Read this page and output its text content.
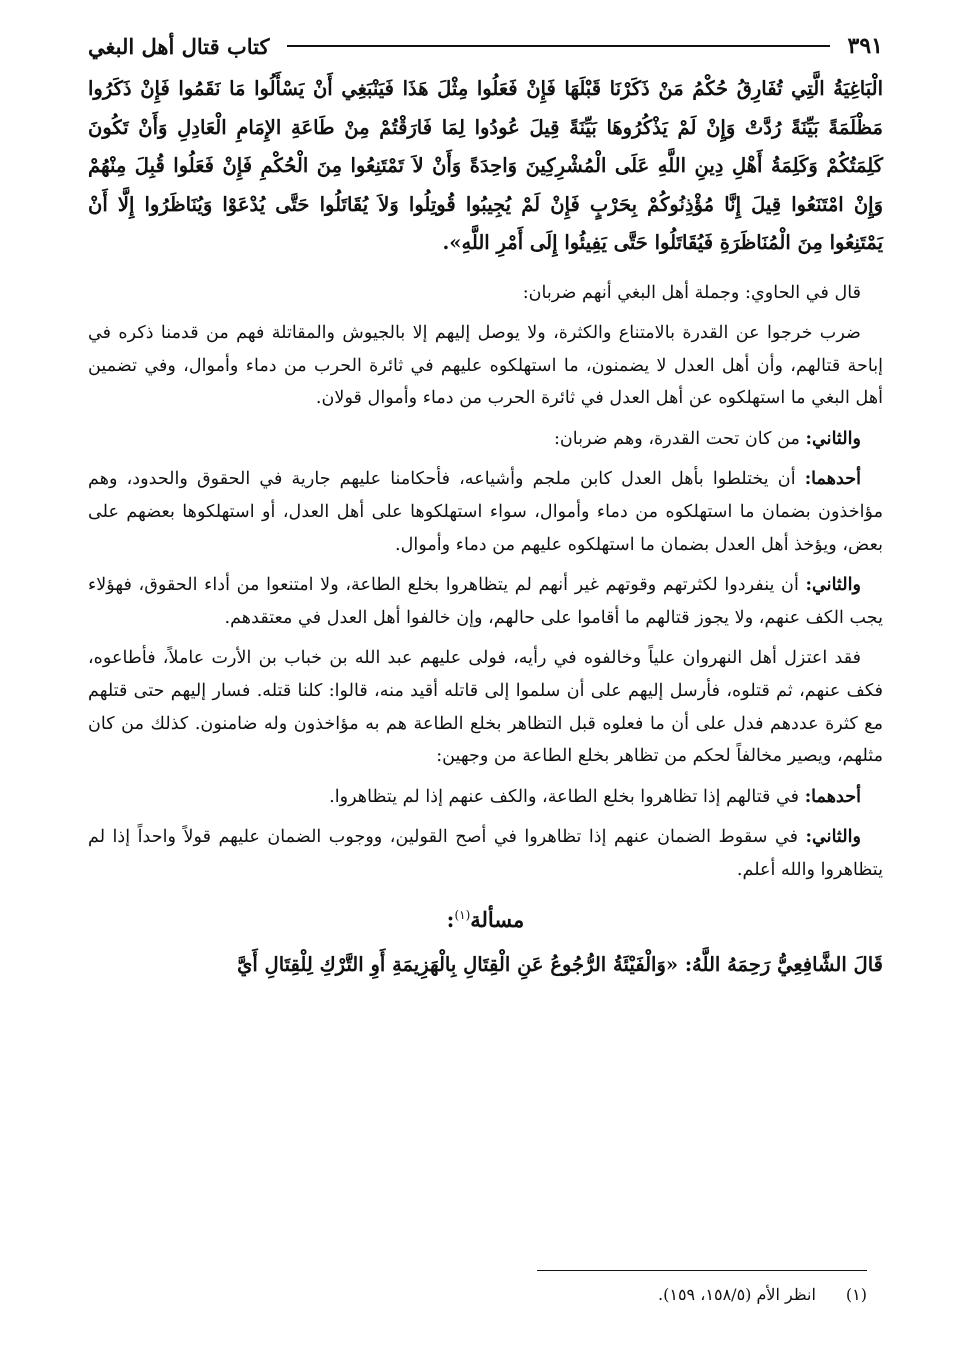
٣٩١
كتاب قتال أهل البغي

الْبَاغِيَةُ الَّتِي تُفَارِقُ حُكْمُ مَنْ ذَكَرْنَا قَبْلَهَا فَإِنْ فَعَلُوا مِثْلَ هَذَا فَيَنْبَغِي أَنْ يَسْأَلُوا مَا نَقَمُوا فَإِنْ ذَكَرُوا مَظْلَمَةً بَيِّنَةً رُدَّتْ وَإِنْ لَمْ يَذْكُرُوهَا بَيِّنَةً قِيلَ عُودُوا لِمَا فَارَقْتُمْ مِنْ طَاعَةِ الإِمَامِ الْعَادِلِ وَأَنْ تَكُونَ كَلِمَتُكُمْ وَكَلِمَةُ أَهْلِ دِينِ اللَّهِ عَلَى الْمُشْرِكِينَ وَاحِدَةً وَأَنْ لاَ تَمْتَنِعُوا مِنَ الْحُكْمِ فَإِنْ فَعَلُوا قُبِلَ مِنْهُمْ وَإِنْ امْتَنَعُوا قِيلَ إِنَّا مُؤْذِنُوكُمْ بِحَرْبٍ فَإِنْ لَمْ يُجِيبُوا قُوتِلُوا وَلاَ يُقَاتَلُوا حَتَّى يُدْعَوْا وَيُنَاظَرُوا إِلَّا أَنْ يَمْتَنِعُوا مِنَ الْمُنَاظَرَةِ فَيُقَاتَلُوا حَتَّى يَفِيئُوا إِلَى أَمْرِ اللَّهِ».

قال في الحاوي: وجملة أهل البغي أنهم ضربان:

ضرب خرجوا عن القدرة بالامتناع والكثرة، ولا يوصل إليهم إلا بالجيوش والمقاتلة فهم من قدمنا ذكره في إباحة قتالهم، وأن أهل العدل لا يضمنون، ما استهلكوه عليهم في ثائرة الحرب من دماء وأموال، وفي تضمين أهل البغي ما استهلكوه عن أهل العدل في ثائرة الحرب من دماء وأموال قولان.

والثاني: من كان تحت القدرة، وهم ضربان:

أحدهما: أن يختلطوا بأهل العدل كابن ملجم وأشياعه، فأحكامنا عليهم جارية في الحقوق والحدود، وهم مؤاخذون بضمان ما استهلكوه من دماء وأموال، سواء استهلكوها على أهل العدل، أو استهلكوها بعضهم على بعض، ويؤخذ أهل العدل بضمان ما استهلكوه عليهم من دماء وأموال.

والثاني: أن ينفردوا لكثرتهم وقوتهم غير أنهم لم يتظاهروا بخلع الطاعة، ولا امتنعوا من أداء الحقوق، فهؤلاء يجب الكف عنهم، ولا يجوز قتالهم ما أقاموا على حالهم، وإن خالفوا أهل العدل في معتقدهم.

فقد اعتزل أهل النهروان علياً وخالفوه في رأيه، فولى عليهم عبد الله بن خباب بن الأرت عاملاً، فأطاعوه، فكف عنهم، ثم قتلوه، فأرسل إليهم على أن سلموا إلى قاتله أقيد منه، قالوا: كلنا قتله. فسار إليهم حتى قتلهم مع كثرة عددهم فدل على أن ما فعلوه قبل التظاهر بخلع الطاعة هم به مؤاخذون وله ضامنون. كذلك من كان مثلهم، ويصير مخالفاً لحكم من تظاهر بخلع الطاعة من وجهين:

أحدهما: في قتالهم إذا تظاهروا بخلع الطاعة، والكف عنهم إذا لم يتظاهروا.

والثاني: في سقوط الضمان عنهم إذا تظاهروا في أصح القولين، ووجوب الضمان عليهم قولاً واحداً إذا لم يتظاهروا والله أعلم.

مسألة$^{(١)}$:

قَالَ الشَّافِعِيُّ رَحِمَهُ اللَّهُ: «وَالْفَيْئَةُ الرُّجُوعُ عَنِ الْقِتَالِ بِالْهَزِيمَةِ أَوِ التَّرْكِ لِلْقِتَالِ أَيَّ

(١)انظر الأم (١٥٨/٥، ١٥٩).
